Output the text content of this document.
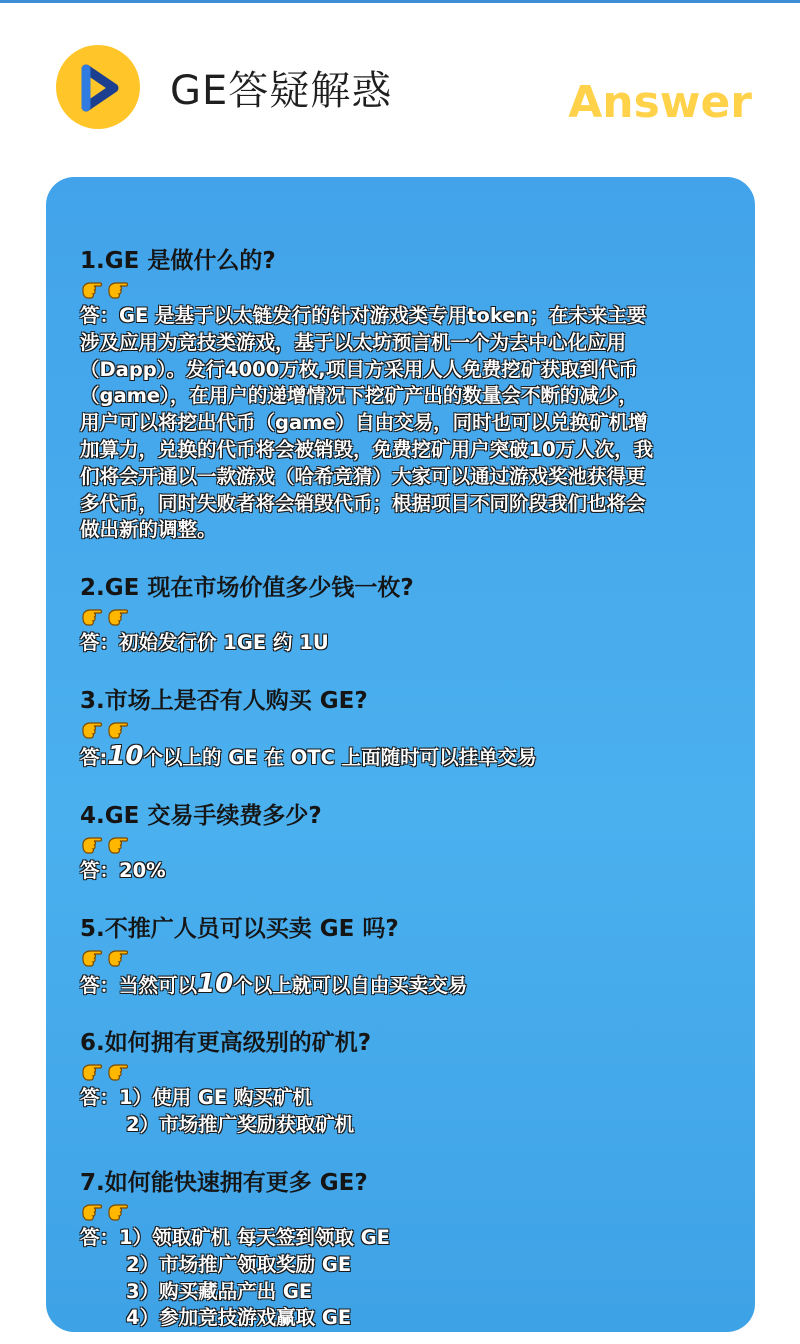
GE答疑解惑	Answer

1.GE 是做什么的?

答：GE 是基于以太链发行的针对游戏类专用token；在未来主要
涉及应用为竞技类游戏，基于以太坊预言机一个为去中心化应用
（Dapp）。发行4000万枚,项目方采用人人免费挖矿获取到代币
（game），在用户的递增情况下挖矿产出的数量会不断的减少，
用户可以将挖出代币（game）自由交易，同时也可以兑换矿机增
加算力，兑换的代币将会被销毁，免费挖矿用户突破10万人次，我
们将会开通以一款游戏（哈希竞猜）大家可以通过游戏奖池获得更
多代币，同时失败者将会销毁代币；根据项目不同阶段我们也将会
做出新的调整。

2.GE 现在市场价值多少钱一枚?

答：初始发行价 1GE 约 1U

3.市场上是否有人购买 GE?

答:10个以上的 GE 在 OTC 上面随时可以挂单交易

4.GE 交易手续费多少?

答：20%

5.不推广人员可以买卖 GE 吗?

答：当然可以10个以上就可以自由买卖交易

6.如何拥有更高级别的矿机?

答：1）使用 GE 购买矿机
2）市场推广奖励获取矿机

7.如何能快速拥有更多 GE?

答：1）领取矿机 每天签到领取 GE
2）市场推广领取奖励 GE
3）购买藏品产出 GE
4）参加竞技游戏赢取 GE
